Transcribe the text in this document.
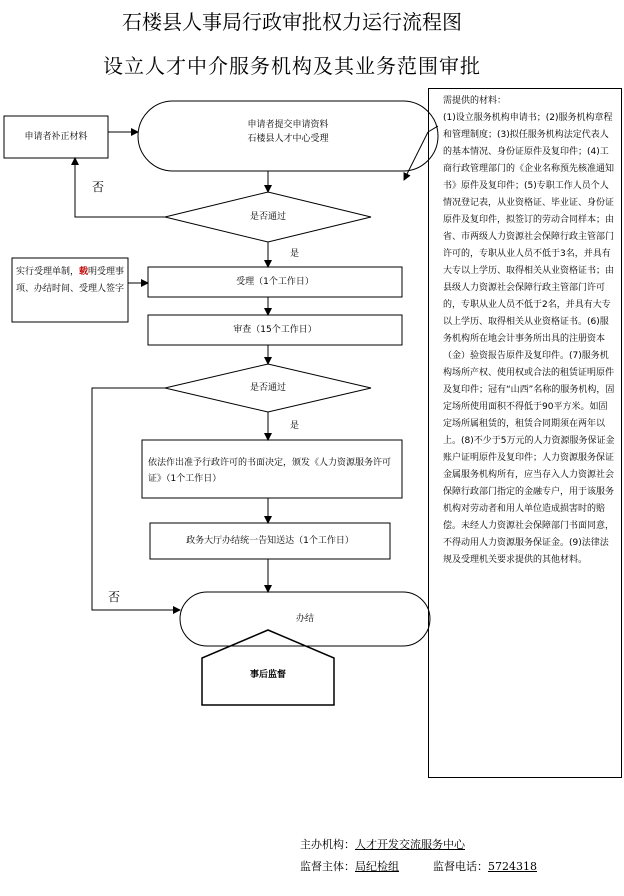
石楼县人事局行政审批权力运行流程图
设立人才中介服务机构及其业务范围审批
申请者提交申请资料
石楼县人才中心受理
申请者补正材料
是否通过
否
是
受理（1个工作日）
实行受理单制，载明受理事项、办结时间、受理人签字
审查（15个工作日）
是否通过
是
否
依法作出准予行政许可的书面决定，颁发《人力资源服务许可证》（1个工作日）
政务大厅办结统一告知送达（1个工作日）
办结
事后监督

需提供的材料：

(1)设立服务机构申请书；(2)服务机构章程和管理制度；(3)拟任服务机构法定代表人的基本情况、身份证原件及复印件；(4)工商行政管理部门的《企业名称预先核准通知书》原件及复印件；(5)专职工作人员个人情况登记表，从业资格证、毕业证、身份证原件及复印件，拟签订的劳动合同样本；由省、市两级人力资源社会保障行政主管部门许可的，专职从业人员不低于3名，并具有大专以上学历、取得相关从业资格证书；由县级人力资源社会保障行政主管部门许可的，专职从业人员不低于2名，并具有大专以上学历、取得相关从业资格证书。(6)服务机构所在地会计事务所出具的注册资本（金）验资报告原件及复印件。(7)服务机构场所产权、使用权或合法的租赁证明原件及复印件；冠有“山西”名称的服务机构，固定场所使用面积不得低于90平方米。如固定场所属租赁的，租赁合同期须在两年以上。(8)不少于5万元的人力资源服务保证金账户证明原件及复印件；人力资源服务保证金属服务机构所有，应当存入人力资源社会保障行政部门指定的金融专户，用于该服务机构对劳动者和用人单位造成损害时的赔偿。未经人力资源社会保障部门书面同意，不得动用人力资源服务保证金。(9)法律法规及受理机关要求提供的其他材料。

主办机构：人才开发交流服务中心
监督主体：局纪检组	监督电话：5724318
